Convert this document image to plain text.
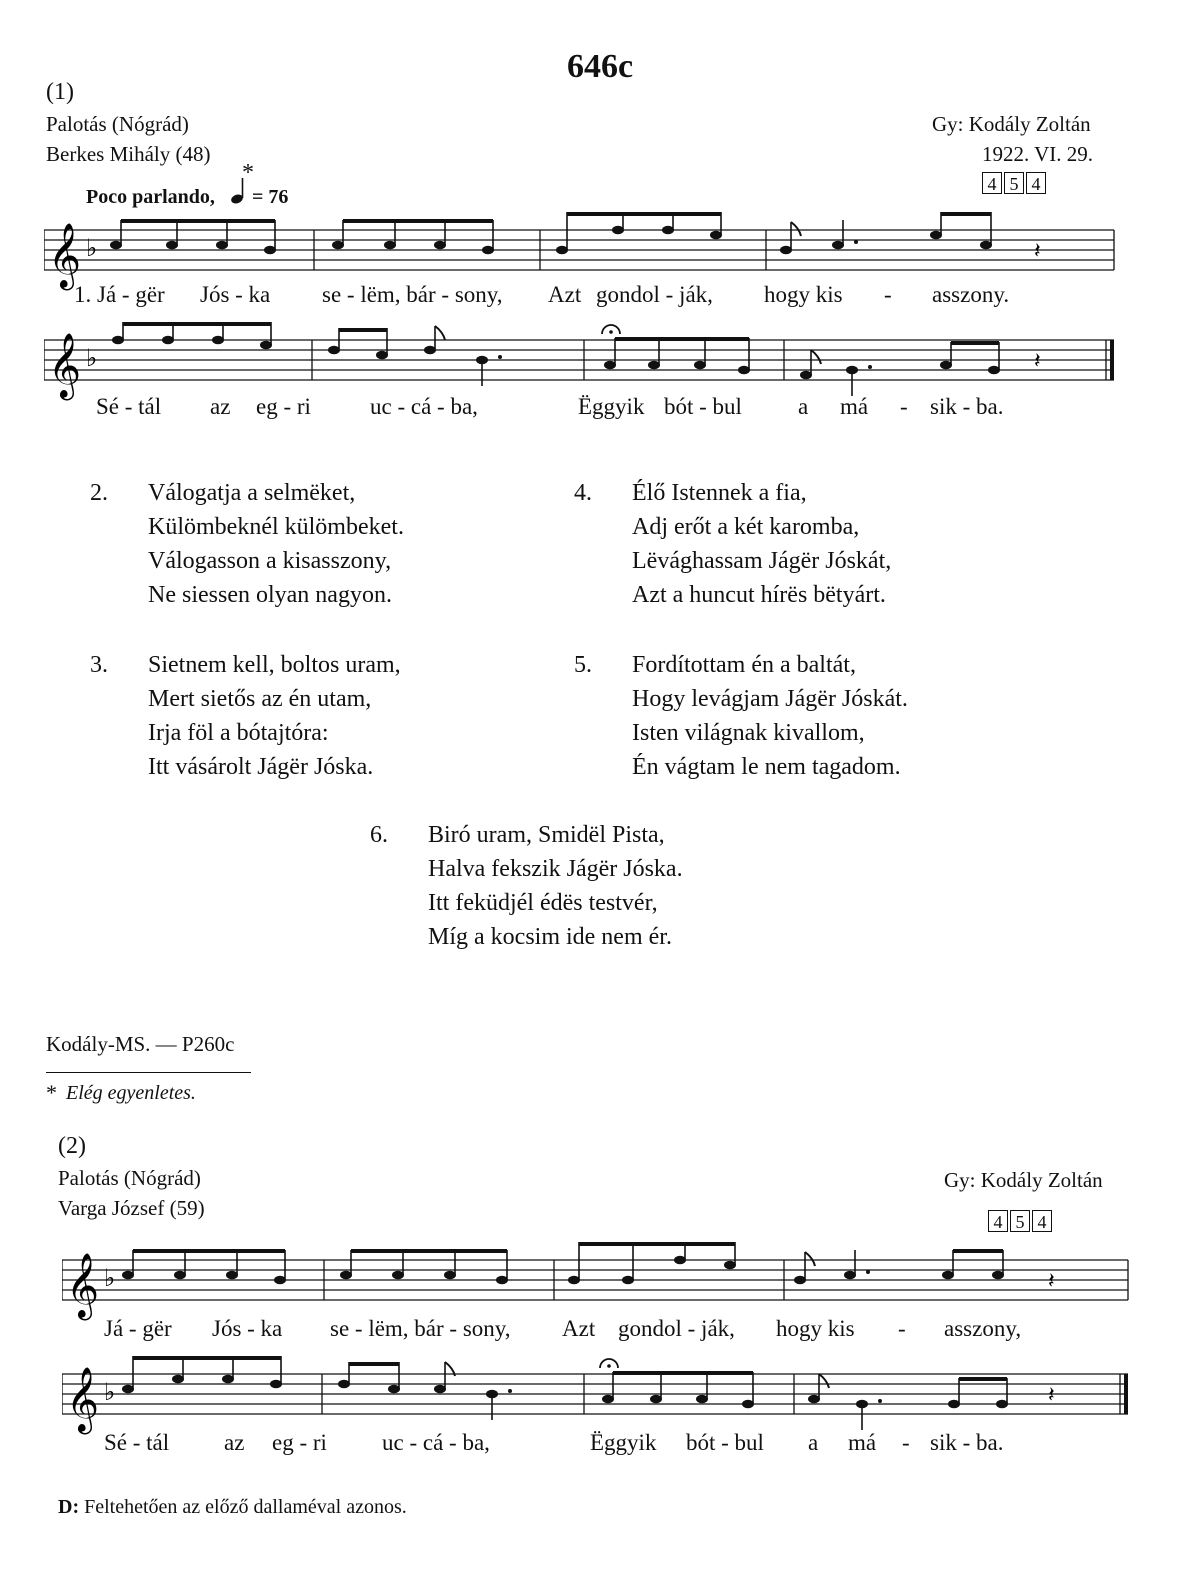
646c
(1)
Palotás (Nógrád)
Berkes Mihály (48)
Gy: Kodály Zoltán
1922. VI. 29.
4 5 4
*
Poco parlando, = 76
𝄞 ♭	𝄽
1. Já - gër Jós - ka se - lëm, bár - sony, Azt gondol - ják, hogy kis - asszony.
𝄞 ♭	𝄽
Sé - tál az eg - ri	uc - cá - ba,	Ëggyik bót - bul a má - sik - ba.
2. Válogatja a selmëket,
Külömbeknél külömbeket.
Válogasson a kisasszony,
Ne siessen olyan nagyon.
3. Sietnem kell, boltos uram,
Mert sietős az én utam,
Irja föl a bótajtóra:
Itt vásárolt Jágër Jóska.
4. Élő Istennek a fia,
Adj erőt a két karomba,
Lëvághassam Jágër Jóskát,
Azt a huncut hírës bëtyárt.
5. Fordítottam én a baltát,
Hogy levágjam Jágër Jóskát.
Isten világnak kivallom,
Én vágtam le nem tagadom.
6. Biró uram, Smidël Pista,
Halva fekszik Jágër Jóska.
Itt feküdjél édës testvér,
Míg a kocsim ide nem ér.
Kodály-MS. — P260c
* Elég egyenletes.
(2)
Palotás (Nógrád)
Varga József (59)
Gy: Kodály Zoltán
4 5 4
𝄞 ♭	𝄽
Já - gër Jós - ka se - lëm, bár - sony, Azt gondol - ják, hogy kis - asszony,
𝄞 ♭	𝄽
Sé - tál az eg - ri uc - cá - ba,	Ëggyik bót - bul a má - sik - ba.
D: Feltehetően az előző dallaméval azonos.
